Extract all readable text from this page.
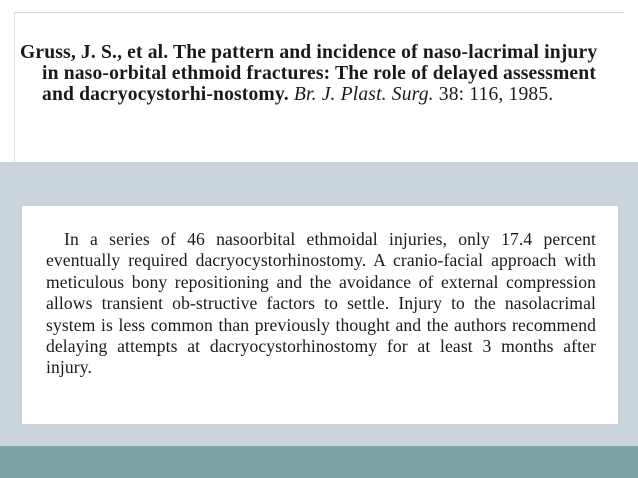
Gruss, J. S., et al. The pattern and incidence of naso-lacrimal injury in naso-orbital ethmoid fractures: The role of delayed assessment and dacryocystorhi-nostomy. Br. J. Plast. Surg. 38: 116, 1985.

In a series of 46 nasoorbital ethmoidal injuries, only 17.4 percent eventually required dacryocystorhinostomy. A cranio-facial approach with meticulous bony repositioning and the avoidance of external compression allows transient ob-structive factors to settle. Injury to the nasolacrimal system is less common than previously thought and the authors recommend delaying attempts at dacryocystorhinostomy for at least 3 months after injury.
